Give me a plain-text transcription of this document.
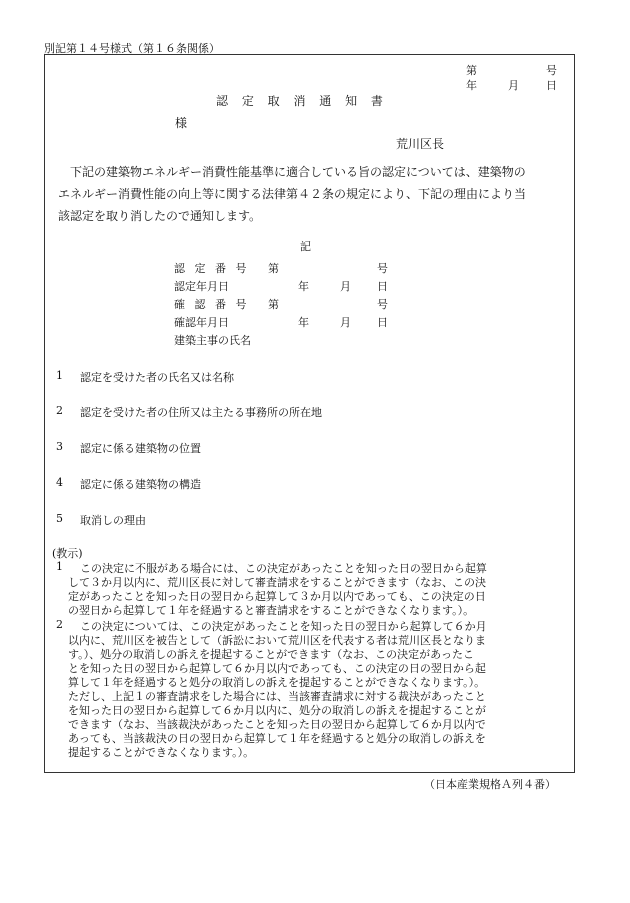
別記第１４号様式（第１６条関係）
第	号
年	月 日
認 定 取 消 通 知 書
様
荒川区長
下記の建築物エネルギー消費性能基準に適合している旨の認定については、建築物の
エネルギー消費性能の向上等に関する法律第４２条の規定により、下記の理由により当
該認定を取り消したので通知します。
記
認 定 番 号 第	号
認定年月日	年	月 日
確 認 番 号 第	号
確認年月日	年	月 日
建築主事の氏名
1 認定を受けた者の氏名又は名称
2 認定を受けた者の住所又は主たる事務所の所在地
3 認定に係る建築物の位置
4 認定に係る建築物の構造
5 取消しの理由
(教示)
1 この決定に不服がある場合には、この決定があったことを知った日の翌日から起算
して３か月以内に、荒川区長に対して審査請求をすることができます（なお、この決
定があったことを知った日の翌日から起算して３か月以内であっても、この決定の日
の翌日から起算して１年を経過すると審査請求をすることができなくなります。）。
2 この決定については、この決定があったことを知った日の翌日から起算して６か月
以内に、荒川区を被告として（訴訟において荒川区を代表する者は荒川区長となりま
す。）、処分の取消しの訴えを提起することができます（なお、この決定があったこ
とを知った日の翌日から起算して６か月以内であっても、この決定の日の翌日から起
算して１年を経過すると処分の取消しの訴えを提起することができなくなります。）。
ただし、上記１の審査請求をした場合には、当該審査請求に対する裁決があったこと
を知った日の翌日から起算して６か月以内に、処分の取消しの訴えを提起することが
できます（なお、当該裁決があったことを知った日の翌日から起算して６か月以内で
あっても、当該裁決の日の翌日から起算して１年を経過すると処分の取消しの訴えを
提起することができなくなります。）。
（日本産業規格Ａ列４番）
